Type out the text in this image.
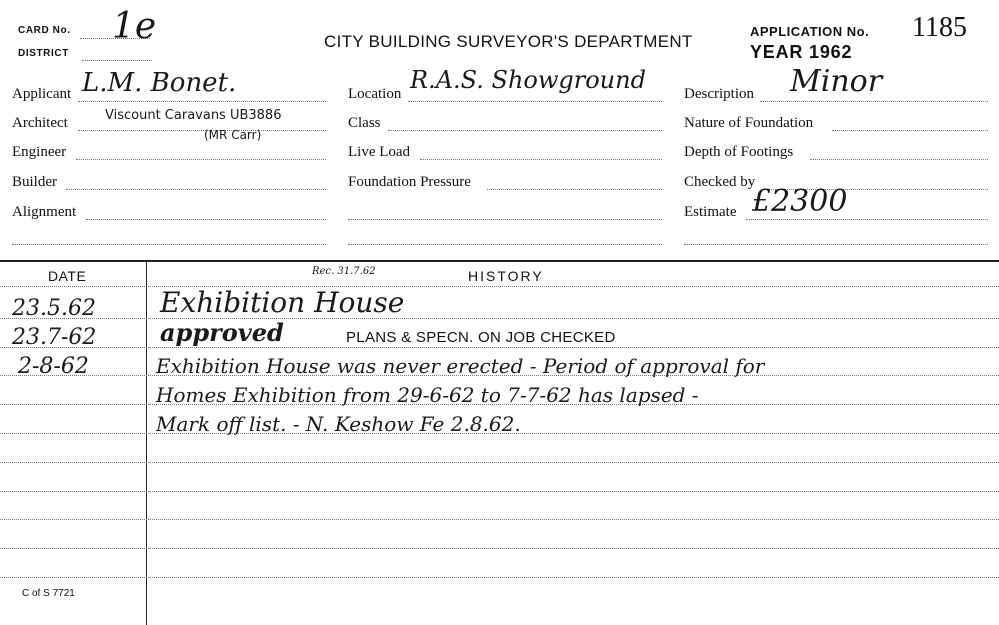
CARD No. 1e
DISTRICT
CITY BUILDING SURVEYOR'S DEPARTMENT
APPLICATION No. 1185
YEAR 1962
Applicant L.M. Bonet.
Architect	Viscount Caravans UB3886
(MR Carr)
Engineer
Builder
Alignment
Location R.A.S. Showground
Class
Live Load
Foundation Pressure
Description Minor
Nature of Foundation
Depth of Footings
Checked by
Estimate £2300
DATE	Rec. 31.7.62	HISTORY
23.5.62 Exhibition House
23.7-62	approved	PLANS & SPECN. ON JOB CHECKED
2-8-62	Exhibition House was never erected - Period of approval for
Homes Exhibition from 29-6-62 to 7-7-62 has lapsed -
Mark off list. - N. Keshow Fe 2.8.62.
C of S 7721
